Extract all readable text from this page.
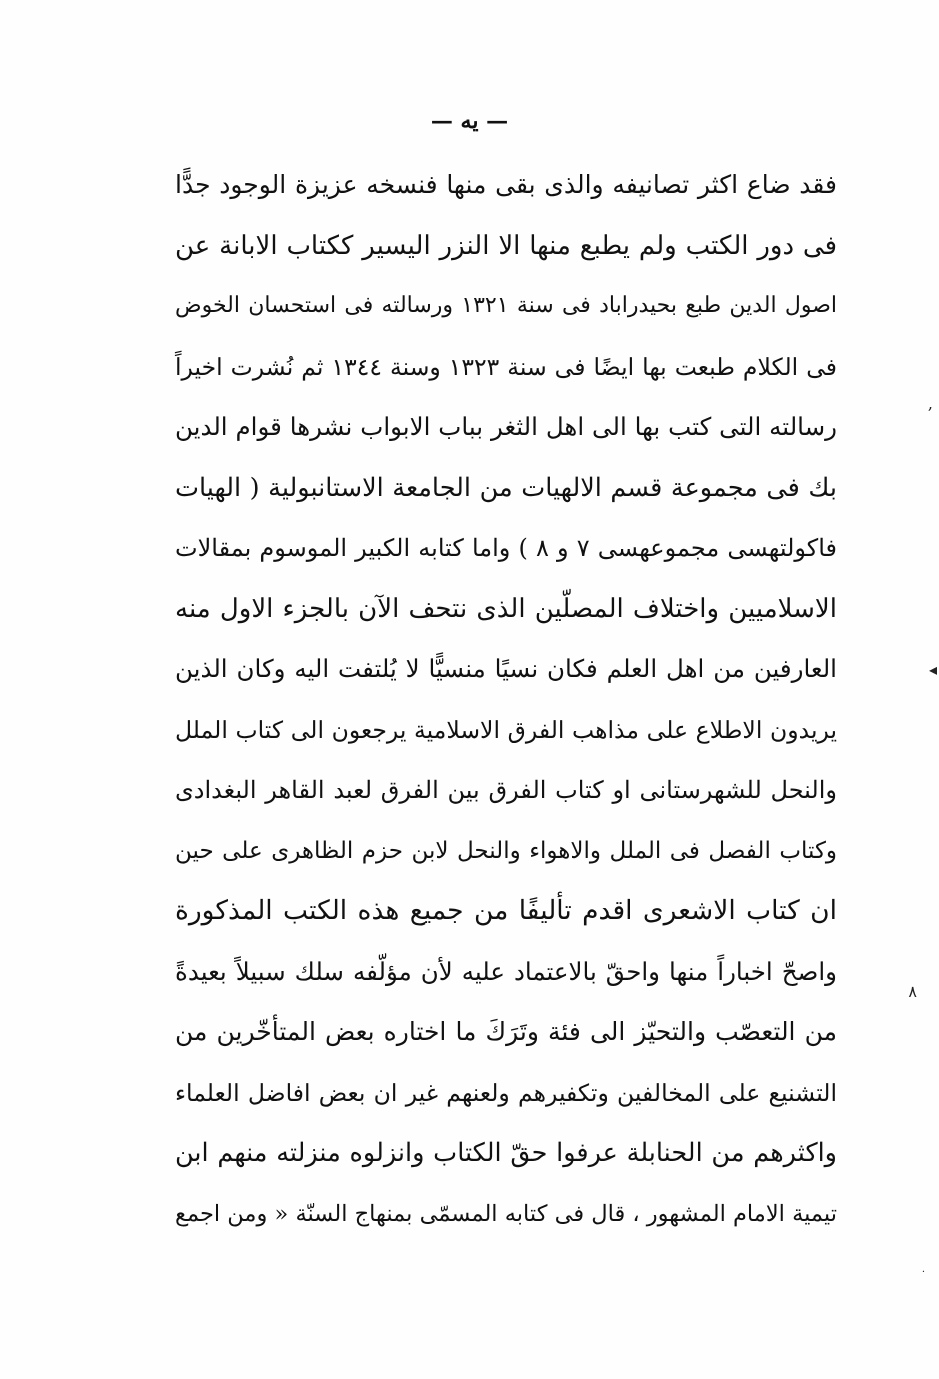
— يه —
فقد ضاع اكثر تصانيفه والذى بقى منها فنسخه عزيزة الوجود جدًّا
فى دور الكتب ولم يطبع منها الا النزر اليسير ككتاب الابانة عن
اصول الدين طبع بحيدراباد فى سنة ١٣٢١ ورسالته فى استحسان الخوض
فى الكلام طبعت بها ايضًا فى سنة ١٣٢٣ وسنة ١٣٤٤ ثم نُشرت اخيراً
رسالته التى كتب بها الى اهل الثغر بباب الابواب نشرها قوام الدين
بك فى مجموعة قسم الالهيات من الجامعة الاستانبولية ( الهيات
فاكولتهسى مجموعهسى ٧ و ٨ ) واما كتابه الكبير الموسوم بمقالات
الاسلاميين واختلاف المصلّين الذى نتحف الآن بالجزء الاول منه
العارفين من اهل العلم فكان نسيًا منسيًّا لا يُلتفت اليه وكان الذين
يريدون الاطلاع على مذاهب الفرق الاسلامية يرجعون الى كتاب الملل
والنحل للشهرستانى او كتاب الفرق بين الفرق لعبد القاهر البغدادى
وكتاب الفصل فى الملل والاهواء والنحل لابن حزم الظاهرى على حين
ان كتاب الاشعرى اقدم تأليفًا من جميع هذه الكتب المذكورة
واصحّ اخباراً منها واحقّ بالاعتماد عليه لأن مؤلّفه سلك سبيلاً بعيدةً
من التعصّب والتحيّز الى فئة وتَرَكَ ما اختاره بعض المتأخّرين من
التشنيع على المخالفين وتكفيرهم ولعنهم غير ان بعض افاضل العلماء
واكثرهم من الحنابلة عرفوا حقّ الكتاب وانزلوه منزلته منهم ابن
تيمية الامام المشهور ، قال فى كتابه المسمّى بمنهاج السنّة « ومن اجمع
,
◂
٨
·
